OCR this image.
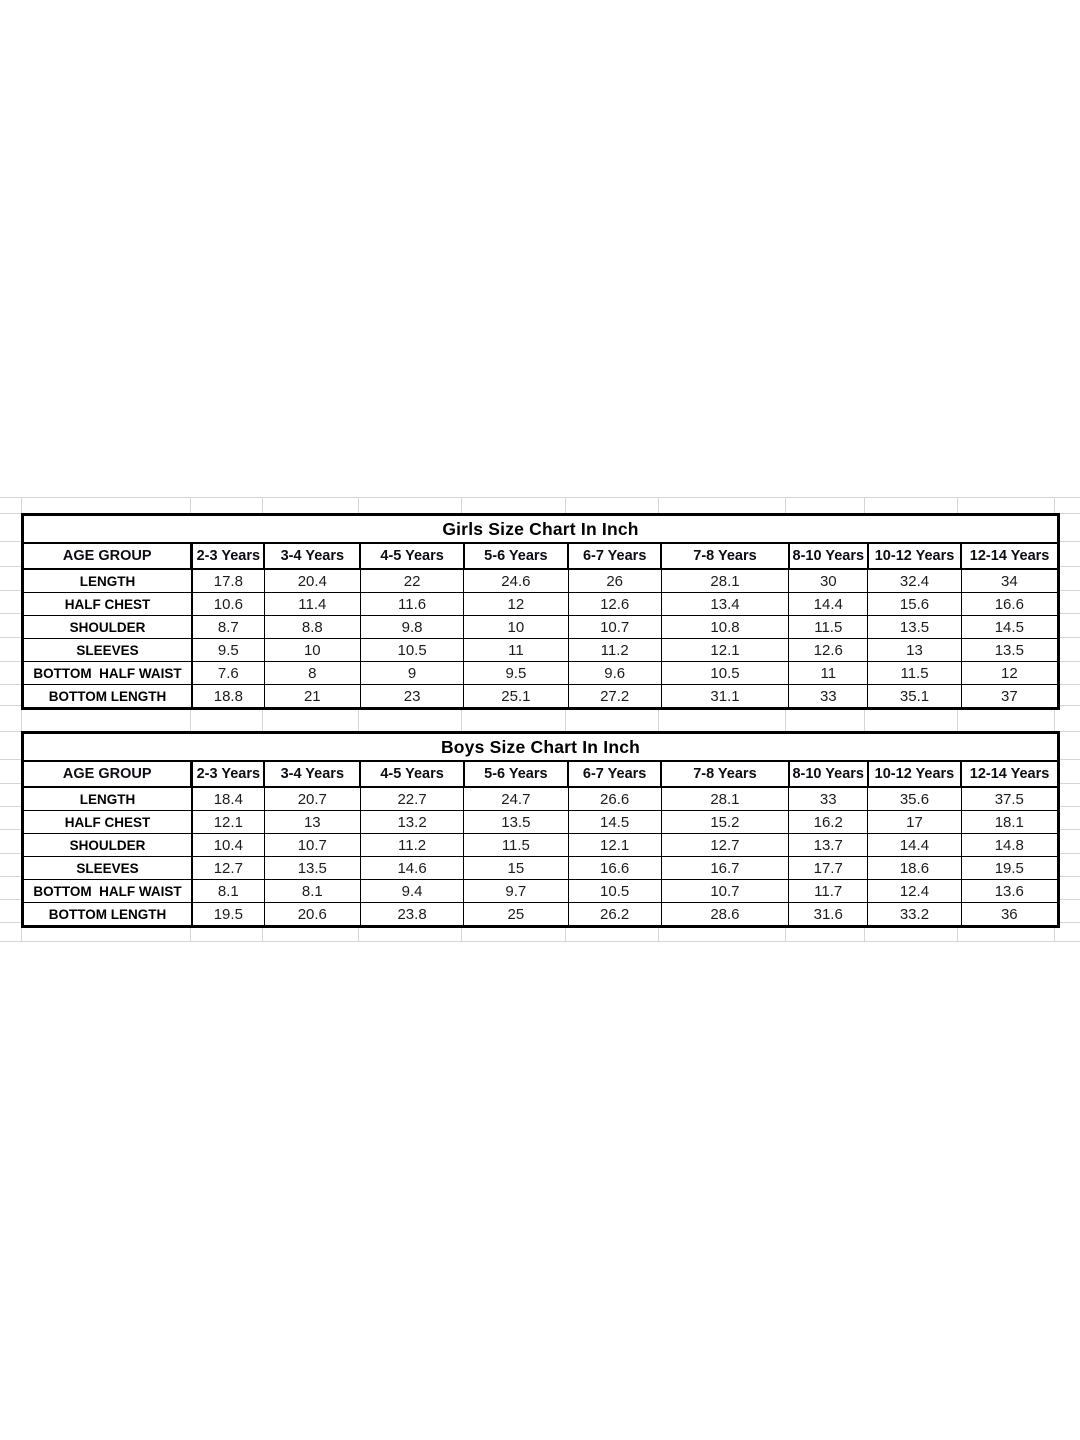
Girls Size Chart In Inch									
AGE GROUP	2-3 Years	3-4 Years	4-5 Years	5-6 Years	6-7 Years	7-8 Years	8-10 Years	10-12 Years	12-14 Years
LENGTH	17.8	20.4	22	24.6	26	28.1	30	32.4	34
HALF CHEST	10.6	11.4	11.6	12	12.6	13.4	14.4	15.6	16.6
SHOULDER	8.7	8.8	9.8	10	10.7	10.8	11.5	13.5	14.5
SLEEVES	9.5	10	10.5	11	11.2	12.1	12.6	13	13.5
BOTTOM  HALF WAIST	7.6	8	9	9.5	9.6	10.5	11	11.5	12
BOTTOM LENGTH	18.8	21	23	25.1	27.2	31.1	33	35.1	37
Boys Size Chart In Inch									
AGE GROUP	2-3 Years	3-4 Years	4-5 Years	5-6 Years	6-7 Years	7-8 Years	8-10 Years	10-12 Years	12-14 Years
LENGTH	18.4	20.7	22.7	24.7	26.6	28.1	33	35.6	37.5
HALF CHEST	12.1	13	13.2	13.5	14.5	15.2	16.2	17	18.1
SHOULDER	10.4	10.7	11.2	11.5	12.1	12.7	13.7	14.4	14.8
SLEEVES	12.7	13.5	14.6	15	16.6	16.7	17.7	18.6	19.5
BOTTOM  HALF WAIST	8.1	8.1	9.4	9.7	10.5	10.7	11.7	12.4	13.6
BOTTOM LENGTH	19.5	20.6	23.8	25	26.2	28.6	31.6	33.2	36
